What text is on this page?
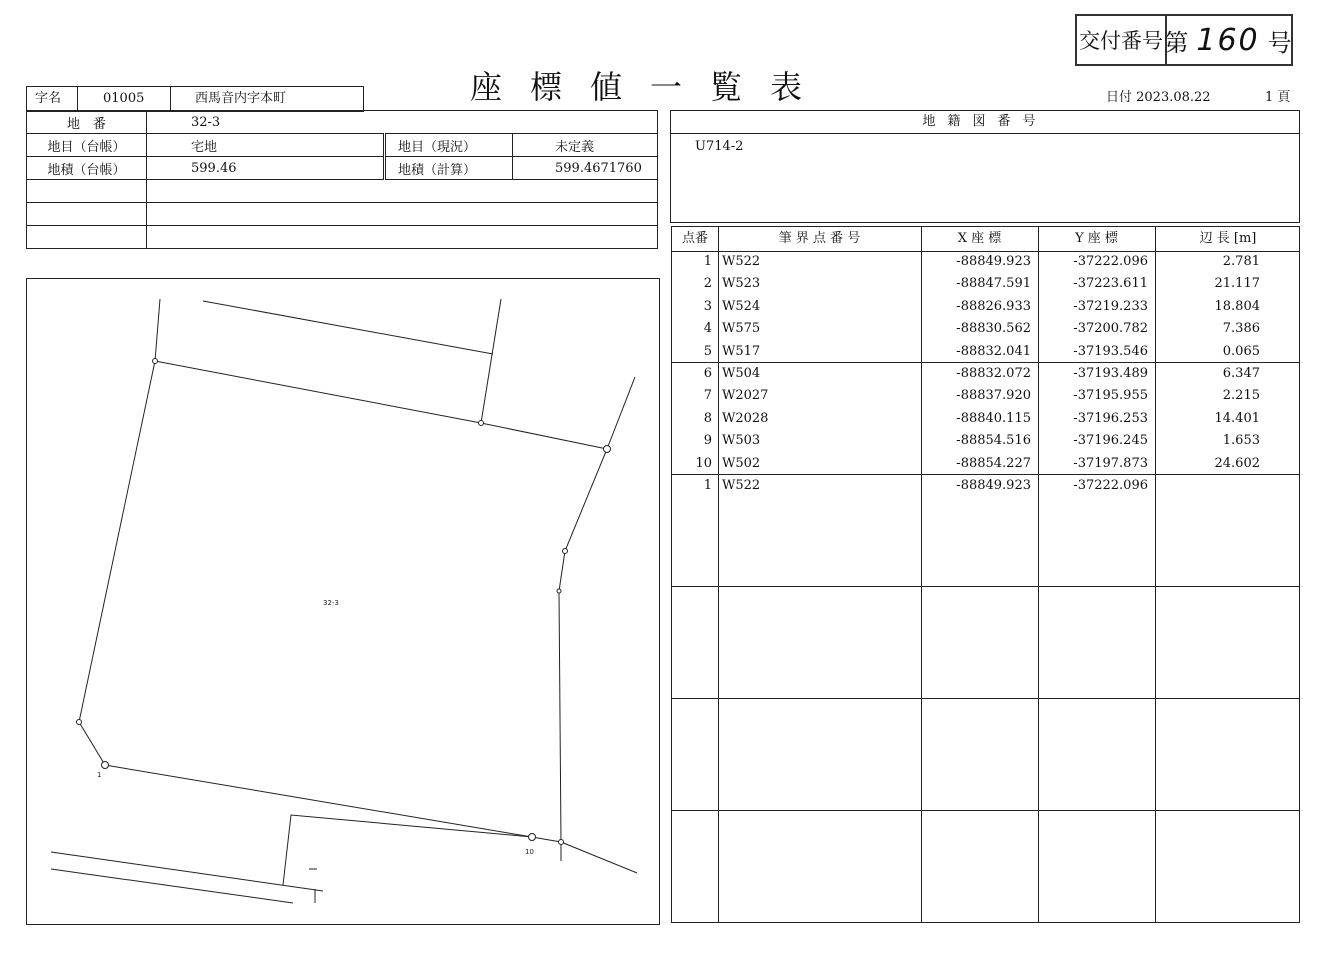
交付番号 第 160 号
座標値一覧表	日付 2023.08.22	1 頁
字名	01005	西馬音内字本町
地　番	32-3		
地目（台帳）	宅地	地目（現況）	未定義
地積（台帳）	599.46	地積（計算）	599.4671760

32-3
1
10
地籍図番号
U714-2
点番	筆 界 点 番 号	X 座 標	Y 座 標	辺 長 [m]
1 W522	-88849.923	-37222.096	2.781
2 W523	-88847.591	-37223.611	21.117
3 W524	-88826.933	-37219.233	18.804
4 W575	-88830.562	-37200.782	7.386
5 W517	-88832.041	-37193.546	0.065
6 W504	-88832.072	-37193.489	6.347
7 W2027	-88837.920	-37195.955	2.215
8 W2028	-88840.115	-37196.253	14.401
9 W503	-88854.516	-37196.245	1.653
10 W502	-88854.227	-37197.873	24.602
1 W522	-88849.923	-37222.096
